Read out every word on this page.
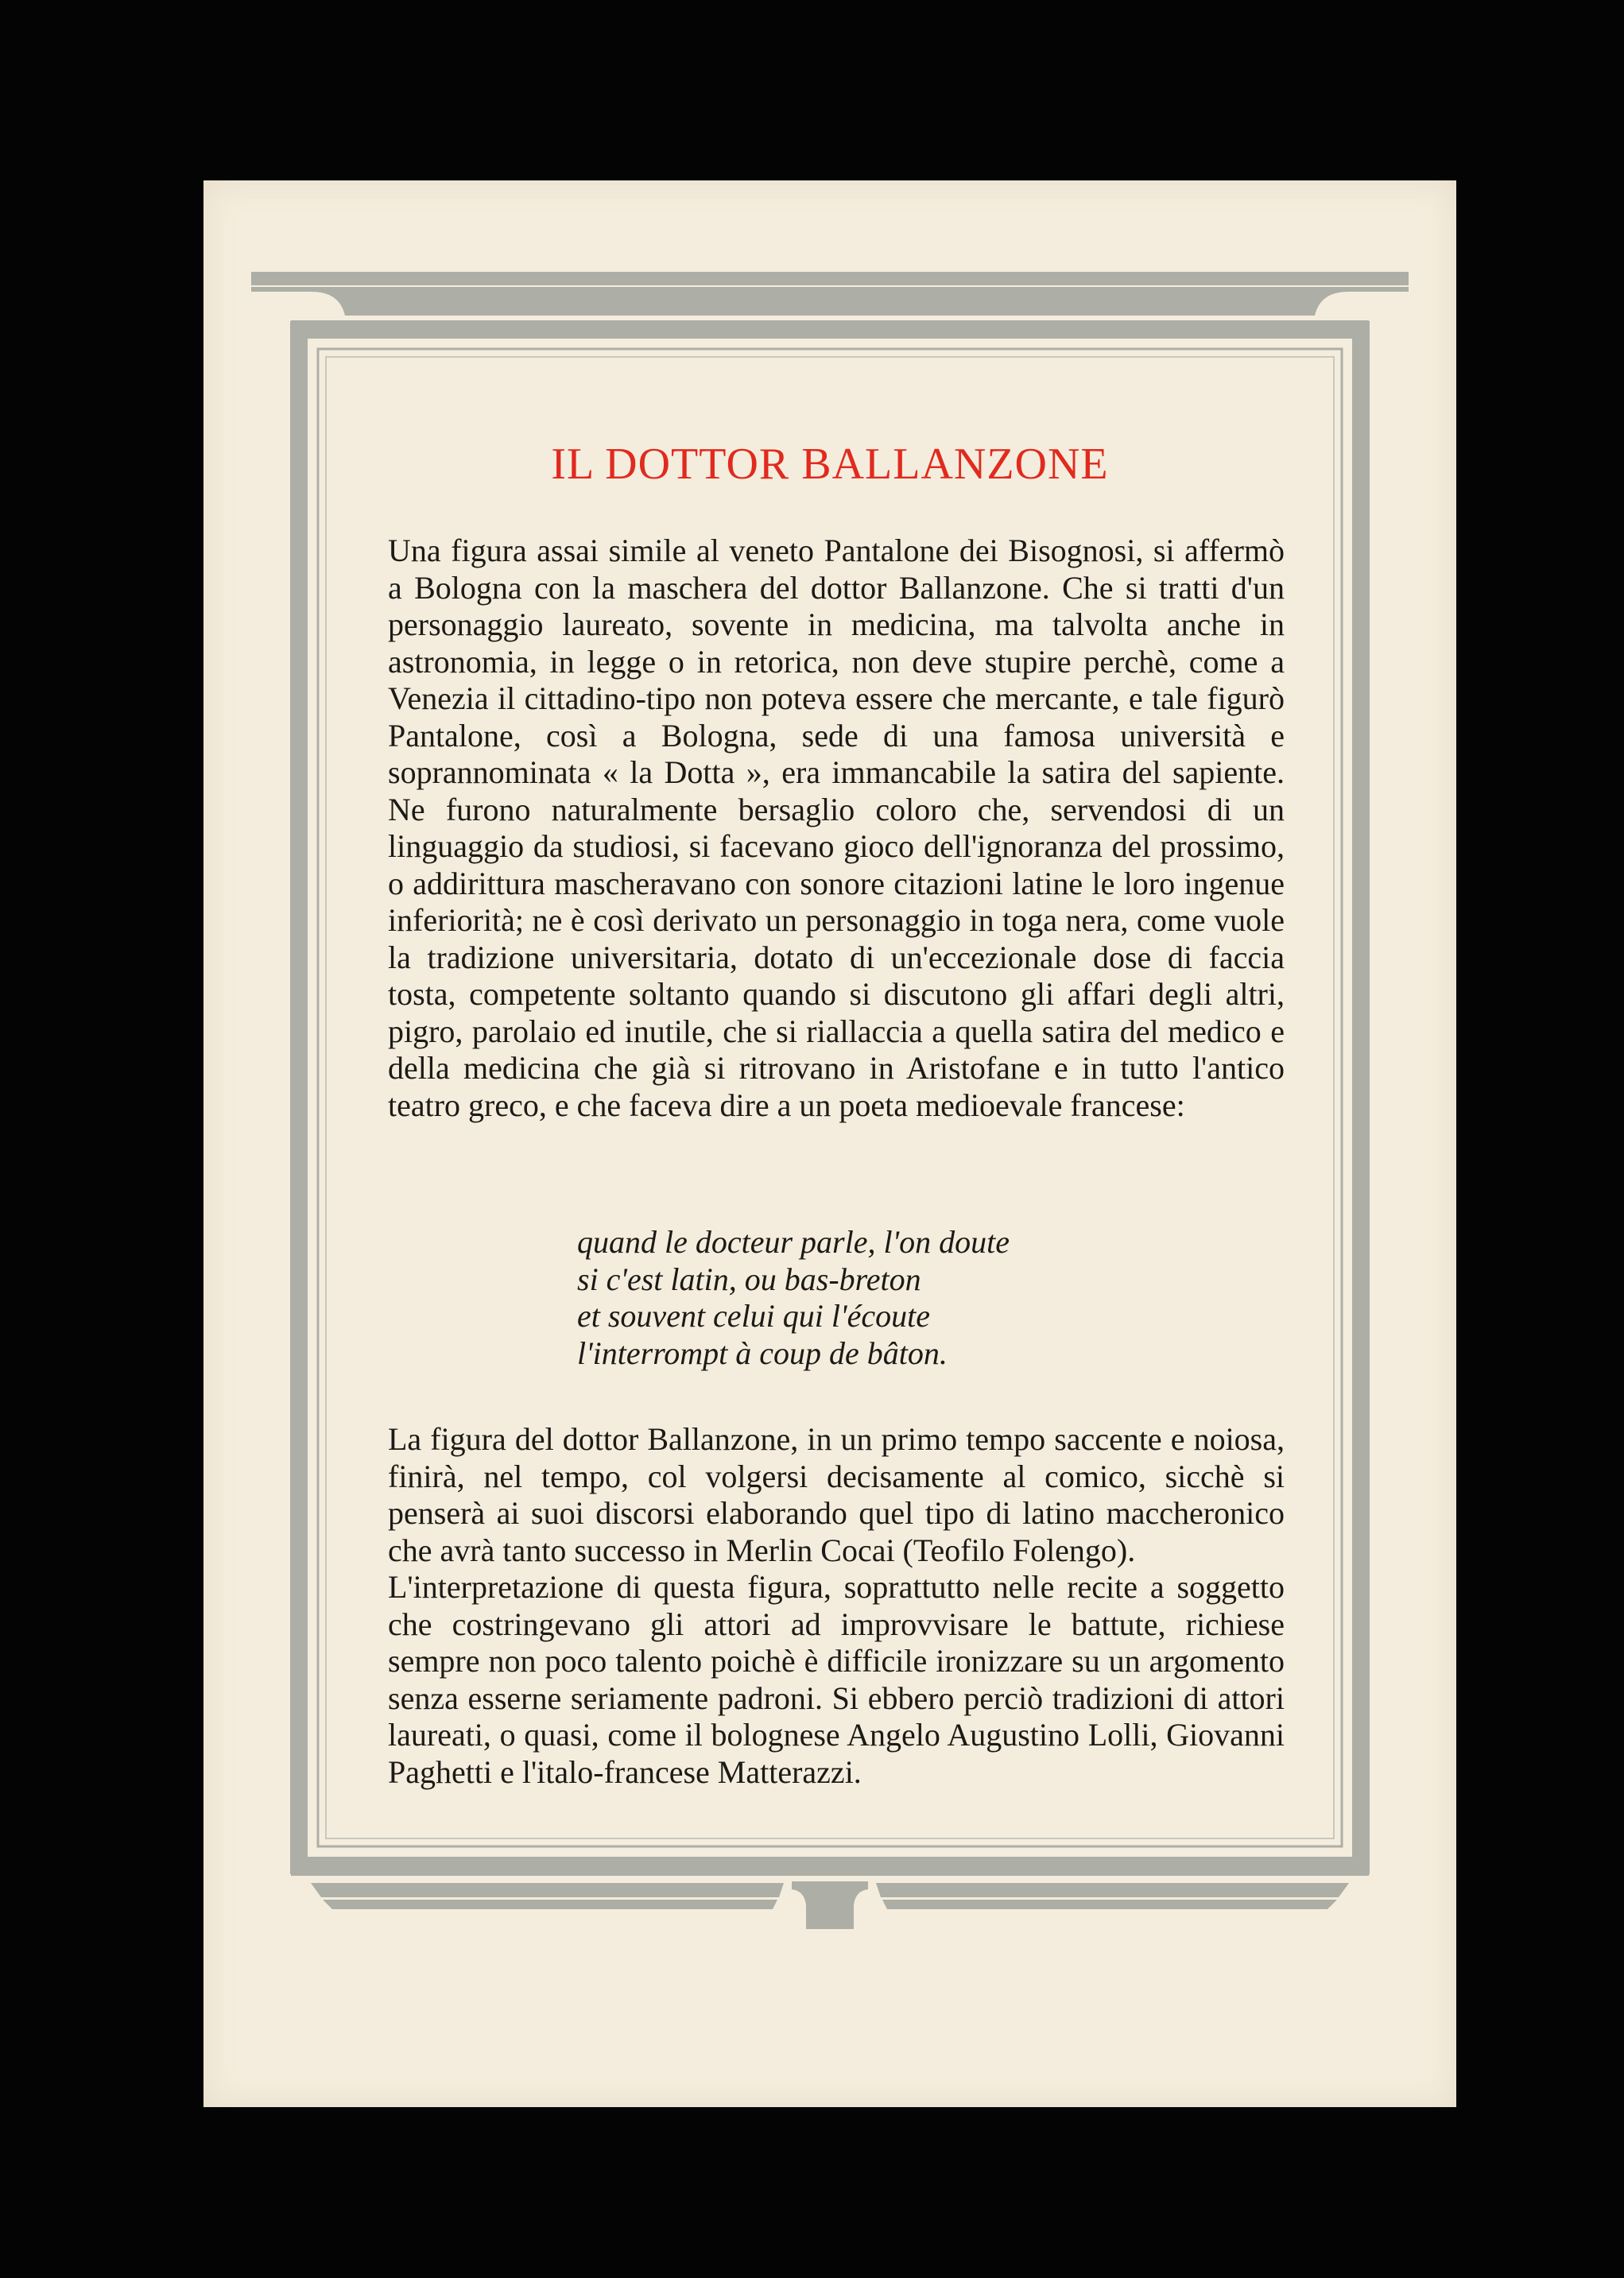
IL DOTTOR BALLANZONE

Una figura assai simile al veneto Pantalone dei Bisognosi, si affermò a Bologna con la maschera del dottor Ballanzone. Che si tratti d'un personaggio laureato, sovente in medicina, ma talvolta anche in astronomia, in legge o in retorica, non deve stupire perchè, come a Venezia il cittadino-tipo non poteva essere che mercante, e tale figurò Pantalone, così a Bologna, sede di una famosa università e soprannominata « la Dotta », era immancabile la satira del sapiente. Ne furono naturalmente bersaglio coloro che, servendosi di un linguaggio da studiosi, si facevano gioco dell'ignoranza del prossimo, o addirittura mascheravano con sonore citazioni latine le loro ingenue inferiorità; ne è così derivato un personaggio in toga nera, come vuole la tradizione universitaria, dotato di un'eccezionale dose di faccia tosta, competente soltanto quando si discutono gli affari degli altri, pigro, parolaio ed inutile, che si riallaccia a quella satira del medico e della medicina che già si ritrovano in Aristofane e in tutto l'antico teatro greco, e che faceva dire a un poeta medioevale francese:

quand le docteur parle, l'on doute
si c'est latin, ou bas-breton
et souvent celui qui l'écoute
l'interrompt à coup de bâton.

La figura del dottor Ballanzone, in un primo tempo saccente e noiosa, finirà, nel tempo, col volgersi decisamente al comico, sicchè si penserà ai suoi discorsi elaborando quel tipo di latino maccheronico che avrà tanto successo in Merlin Cocai (Teofilo Folengo).

L'interpretazione di questa figura, soprattutto nelle recite a soggetto che costringevano gli attori ad improvvisare le battute, richiese sempre non poco talento poichè è difficile ironizzare su un argomento senza esserne seriamente padroni. Si ebbero perciò tradizioni di attori laureati, o quasi, come il bolognese Angelo Augustino Lolli, Giovanni Paghetti e l'italo-francese Matterazzi.
